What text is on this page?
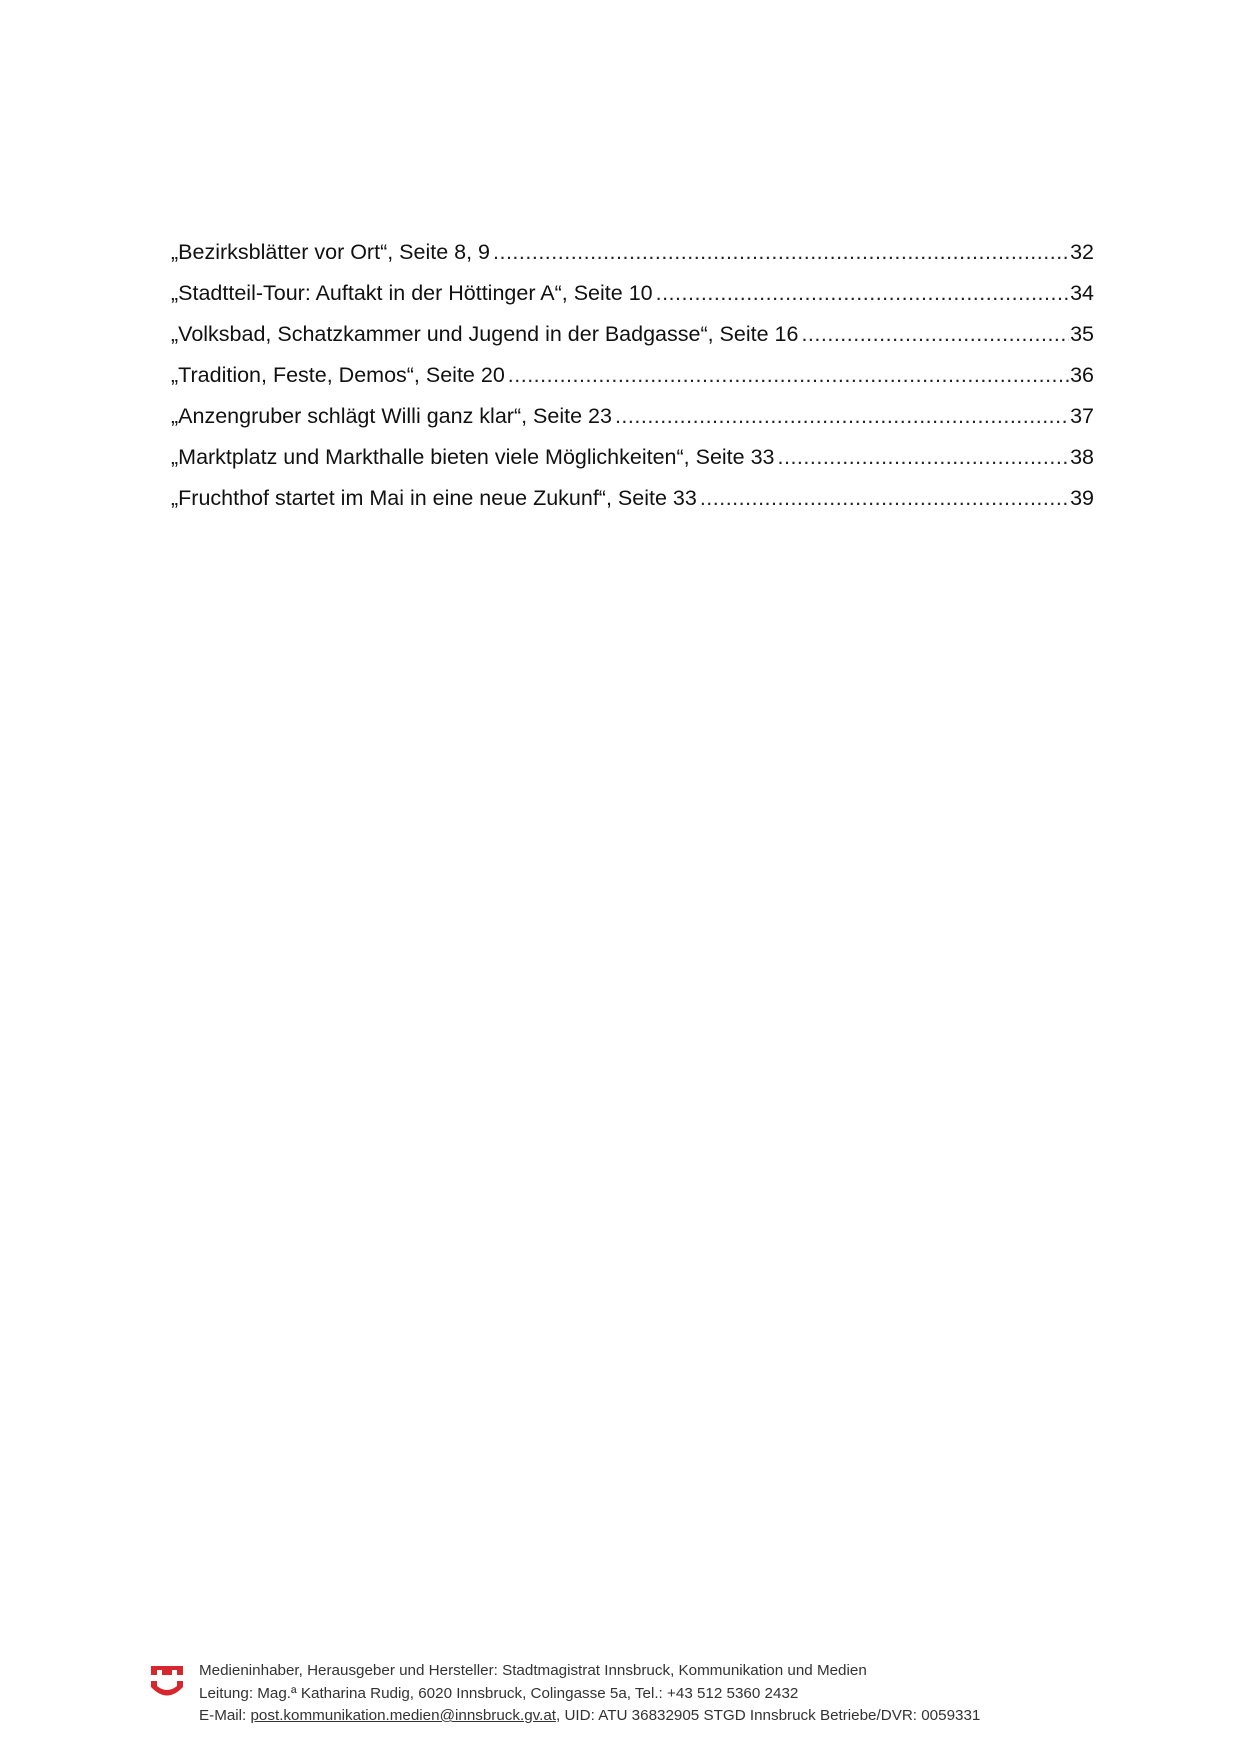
„Bezirksblätter vor Ort“, Seite 8, 9 .....	32
„Stadtteil-Tour: Auftakt in der Höttinger A“, Seite 10 .....	34
„Volksbad, Schatzkammer und Jugend in der Badgasse“, Seite 16 .....	35
„Tradition, Feste, Demos“, Seite 20 .....	36
„Anzengruber schlägt Willi ganz klar“, Seite 23 .....	37
„Marktplatz und Markthalle bieten viele Möglichkeiten“, Seite 33 .....	38
„Fruchthof startet im Mai in eine neue Zukunf“, Seite 33 .....	39
Medieninhaber, Herausgeber und Hersteller: Stadtmagistrat Innsbruck, Kommunikation und Medien
Leitung: Mag.ª Katharina Rudig, 6020 Innsbruck, Colingasse 5a, Tel.: +43 512 5360 2432
E-Mail: post.kommunikation.medien@innsbruck.gv.at, UID: ATU 36832905 STGD Innsbruck Betriebe/DVR: 0059331
